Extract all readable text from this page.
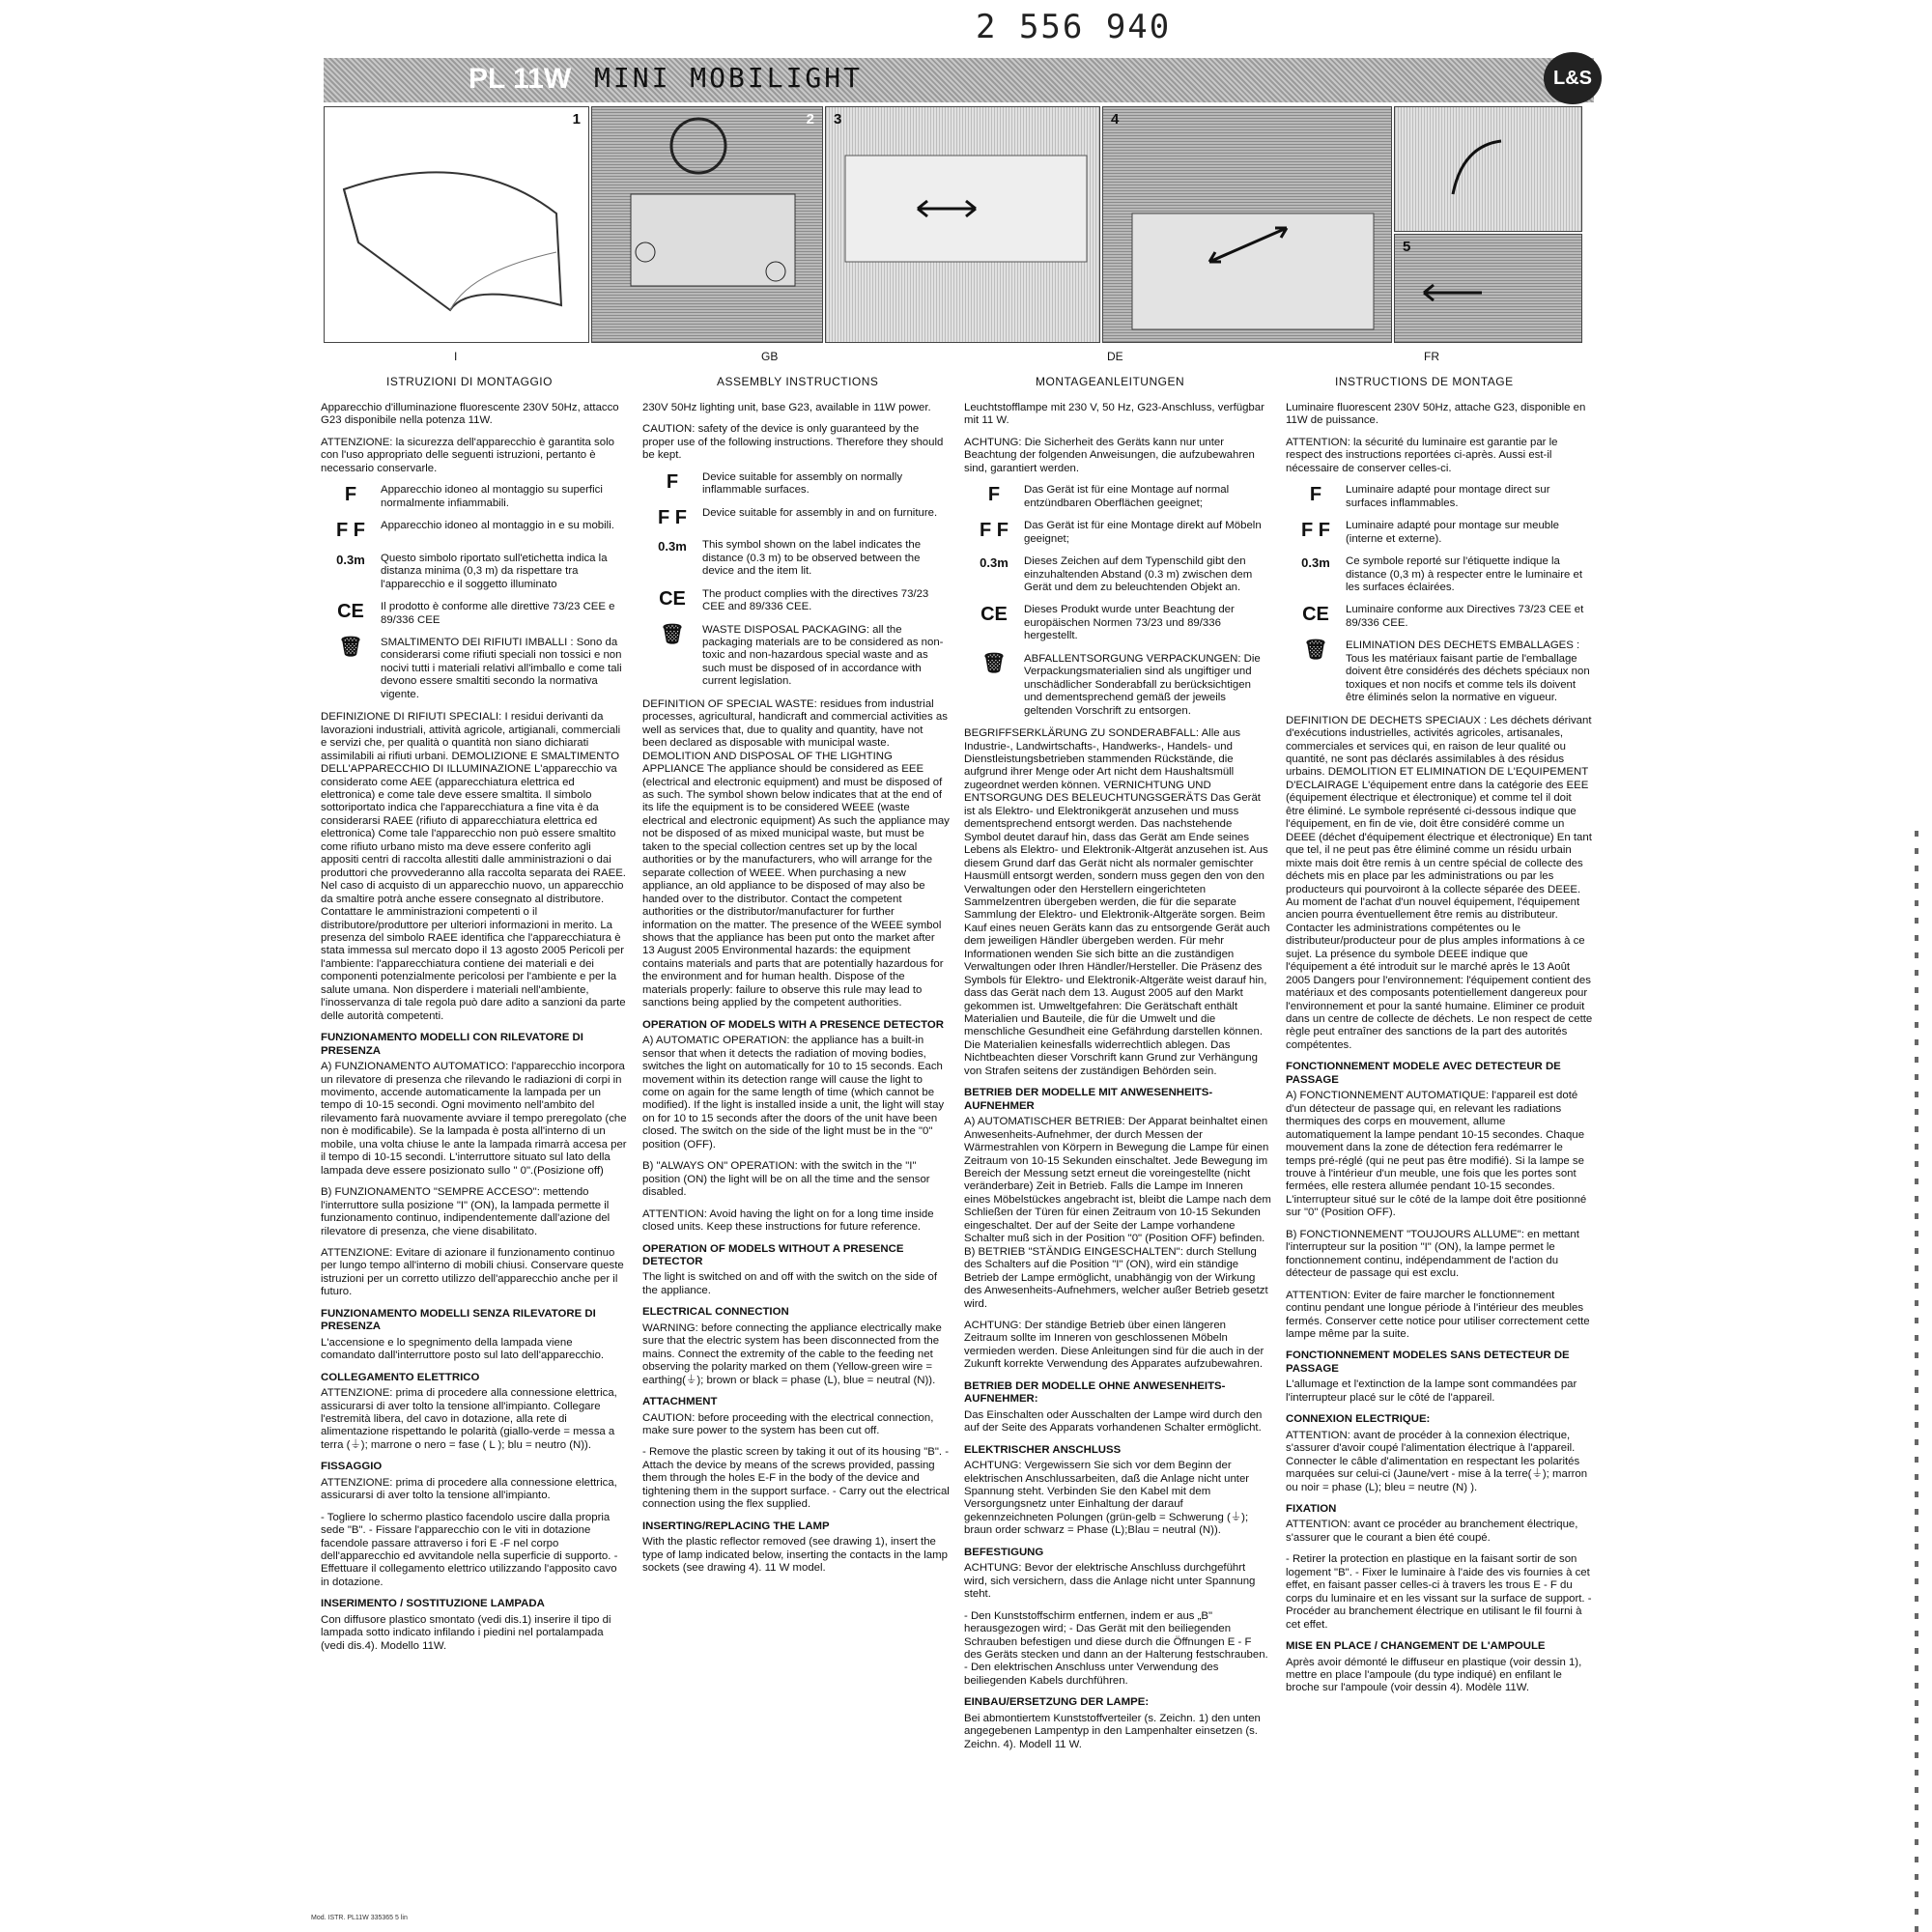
2 556 940
PL 11W MINI MOBILIGHT	L&S
1	2 3	4
5
I	GB	DE	FR
ISTRUZIONI DI MONTAGGIO	ASSEMBLY INSTRUCTIONS	MONTAGEANLEITUNGEN	INSTRUCTIONS DE MONTAGE

Apparecchio d'illuminazione fluorescente 230V 50Hz, attacco G23 disponibile nella potenza 11W.

ATTENZIONE: la sicurezza dell'apparecchio è garantita solo con l'uso appropriato delle seguenti istruzioni, pertanto è necessario conservarle.

F	Apparecchio idoneo al montaggio su superfici normalmente infiammabili.
F F	Apparecchio idoneo al montaggio in e su mobili.
0.3m	Questo simbolo riportato sull'etichetta indica la distanza minima (0,3 m) da rispettare tra l'apparecchio e il soggetto illuminato
CE	Il prodotto è conforme alle direttive 73/23 CEE e 89/336 CEE
🗑	SMALTIMENTO DEI RIFIUTI IMBALLI : Sono da considerarsi come rifiuti speciali non tossici e non nocivi tutti i materiali relativi all'imballo e come tali devono essere smaltiti secondo la normativa vigente.

DEFINIZIONE DI RIFIUTI SPECIALI: I residui derivanti da lavorazioni industriali, attività agricole, artigianali, commerciali e servizi che, per qualità o quantità non siano dichiarati assimilabili ai rifiuti urbani. DEMOLIZIONE E SMALTIMENTO DELL'APPARECCHIO DI ILLUMINAZIONE L'apparecchio va considerato come AEE (apparecchiatura elettrica ed elettronica) e come tale deve essere smaltita. Il simbolo sottoriportato indica che l'apparecchiatura a fine vita è da considerarsi RAEE (rifiuto di apparecchiatura elettrica ed elettronica) Come tale l'apparecchio non può essere smaltito come rifiuto urbano misto ma deve essere conferito agli appositi centri di raccolta allestiti dalle amministrazioni o dai produttori che provvederanno alla raccolta separata dei RAEE. Nel caso di acquisto di un apparecchio nuovo, un apparecchio da smaltire potrà anche essere consegnato al distributore. Contattare le amministrazioni competenti o il distributore/produttore per ulteriori informazioni in merito. La presenza del simbolo RAEE identifica che l'apparecchiatura è stata immessa sul mercato dopo il 13 agosto 2005 Pericoli per l'ambiente: l'apparecchiatura contiene dei materiali e dei componenti potenzialmente pericolosi per l'ambiente e per la salute umana. Non disperdere i materiali nell'ambiente, l'inosservanza di tale regola può dare adito a sanzioni da parte delle autorità competenti.

FUNZIONAMENTO MODELLI CON RILEVATORE DI PRESENZA

A) FUNZIONAMENTO AUTOMATICO: l'apparecchio incorpora un rilevatore di presenza che rilevando le radiazioni di corpi in movimento, accende automaticamente la lampada per un tempo di 10-15 secondi. Ogni movimento nell'ambito del rilevamento farà nuovamente avviare il tempo preregolato (che non è modificabile). Se la lampada è posta all'interno di un mobile, una volta chiuse le ante la lampada rimarrà accesa per il tempo di 10-15 secondi. L'interruttore situato sul lato della lampada deve essere posizionato sullo " 0".(Posizione off)

B) FUNZIONAMENTO "SEMPRE ACCESO": mettendo l'interruttore sulla posizione "I" (ON), la lampada permette il funzionamento continuo, indipendentemente dall'azione del rilevatore di presenza, che viene disabilitato.

ATTENZIONE: Evitare di azionare il funzionamento continuo per lungo tempo all'interno di mobili chiusi. Conservare queste istruzioni per un corretto utilizzo dell'apparecchio anche per il futuro.

FUNZIONAMENTO MODELLI SENZA RILEVATORE DI PRESENZA

L'accensione e lo spegnimento della lampada viene comandato dall'interruttore posto sul lato dell'apparecchio.

COLLEGAMENTO ELETTRICO

ATTENZIONE: prima di procedere alla connessione elettrica, assicurarsi di aver tolto la tensione all'impianto. Collegare l'estremità libera, del cavo in dotazione, alla rete di alimentazione rispettando le polarità (giallo-verde = messa a terra (⏚); marrone o nero = fase ( L ); blu = neutro (N)).

FISSAGGIO

ATTENZIONE: prima di procedere alla connessione elettrica, assicurarsi di aver tolto la tensione all'impianto.

- Togliere lo schermo plastico facendolo uscire dalla propria sede "B". - Fissare l'apparecchio con le viti in dotazione facendole passare attraverso i fori E -F nel corpo dell'apparecchio ed avvitandole nella superficie di supporto. - Effettuare il collegamento elettrico utilizzando l'apposito cavo in dotazione.

INSERIMENTO / SOSTITUZIONE LAMPADA

Con diffusore plastico smontato (vedi dis.1) inserire il tipo di lampada sotto indicato infilando i piedini nel portalampada (vedi dis.4). Modello 11W.

230V 50Hz lighting unit, base G23, available in 11W power.

CAUTION: safety of the device is only guaranteed by the proper use of the following instructions. Therefore they should be kept.

F	Device suitable for assembly on normally inflammable surfaces.
F F	Device suitable for assembly in and on furniture.
0.3m	This symbol shown on the label indicates the distance (0.3 m) to be observed between the device and the item lit.
CE	The product complies with the directives 73/23 CEE and 89/336 CEE.
🗑	WASTE DISPOSAL PACKAGING: all the packaging materials are to be considered as non-toxic and non-hazardous special waste and as such must be disposed of in accordance with current legislation.

DEFINITION OF SPECIAL WASTE: residues from industrial processes, agricultural, handicraft and commercial activities as well as services that, due to quality and quantity, have not been declared as disposable with municipal waste. DEMOLITION AND DISPOSAL OF THE LIGHTING APPLIANCE The appliance should be considered as EEE (electrical and electronic equipment) and must be disposed of as such. The symbol shown below indicates that at the end of its life the equipment is to be considered WEEE (waste electrical and electronic equipment) As such the appliance may not be disposed of as mixed municipal waste, but must be taken to the special collection centres set up by the local authorities or by the manufacturers, who will arrange for the separate collection of WEEE. When purchasing a new appliance, an old appliance to be disposed of may also be handed over to the distributor. Contact the competent authorities or the distributor/manufacturer for further information on the matter. The presence of the WEEE symbol shows that the appliance has been put onto the market after 13 August 2005 Environmental hazards: the equipment contains materials and parts that are potentially hazardous for the environment and for human health. Dispose of the materials properly: failure to observe this rule may lead to sanctions being applied by the competent authorities.

OPERATION OF MODELS WITH A PRESENCE DETECTOR

A) AUTOMATIC OPERATION: the appliance has a built-in sensor that when it detects the radiation of moving bodies, switches the light on automatically for 10 to 15 seconds. Each movement within its detection range will cause the light to come on again for the same length of time (which cannot be modified). If the light is installed inside a unit, the light will stay on for 10 to 15 seconds after the doors of the unit have been closed. The switch on the side of the light must be in the "0" position (OFF).

B) "ALWAYS ON" OPERATION: with the switch in the "I" position (ON) the light will be on all the time and the sensor disabled.

ATTENTION: Avoid having the light on for a long time inside closed units. Keep these instructions for future reference.

OPERATION OF MODELS WITHOUT A PRESENCE DETECTOR

The light is switched on and off with the switch on the side of the appliance.

ELECTRICAL CONNECTION

WARNING: before connecting the appliance electrically make sure that the electric system has been disconnected from the mains. Connect the extremity of the cable to the feeding net observing the polarity marked on them (Yellow-green wire = earthing(⏚); brown or black = phase (L), blue = neutral (N)).

ATTACHMENT

CAUTION: before proceeding with the electrical connection, make sure power to the system has been cut off.

- Remove the plastic screen by taking it out of its housing "B". - Attach the device by means of the screws provided, passing them through the holes E-F in the body of the device and tightening them in the support surface. - Carry out the electrical connection using the flex supplied.

INSERTING/REPLACING THE LAMP

With the plastic reflector removed (see drawing 1), insert the type of lamp indicated below, inserting the contacts in the lamp sockets (see drawing 4). 11 W model.

Leuchtstofflampe mit 230 V, 50 Hz, G23-Anschluss, verfügbar mit 11 W.

ACHTUNG: Die Sicherheit des Geräts kann nur unter Beachtung der folgenden Anweisungen, die aufzubewahren sind, garantiert werden.

F	Das Gerät ist für eine Montage auf normal entzündbaren Oberflächen geeignet;
F F	Das Gerät ist für eine Montage direkt auf Möbeln geeignet;
0.3m	Dieses Zeichen auf dem Typenschild gibt den einzuhaltenden Abstand (0.3 m) zwischen dem Gerät und dem zu beleuchtenden Objekt an.
CE	Dieses Produkt wurde unter Beachtung der europäischen Normen 73/23 und 89/336 hergestellt.
🗑	ABFALLENTSORGUNG VERPACKUNGEN: Die Verpackungsmaterialien sind als ungiftiger und unschädlicher Sonderabfall zu berücksichtigen und dementsprechend gemäß der jeweils geltenden Vorschrift zu entsorgen.

BEGRIFFSERKLÄRUNG ZU SONDERABFALL: Alle aus Industrie-, Landwirtschafts-, Handwerks-, Handels- und Dienstleistungsbetrieben stammenden Rückstände, die aufgrund ihrer Menge oder Art nicht dem Haushaltsmüll zugeordnet werden können. VERNICHTUNG UND ENTSORGUNG DES BELEUCHTUNGSGERÄTS Das Gerät ist als Elektro- und Elektronikgerät anzusehen und muss dementsprechend entsorgt werden. Das nachstehende Symbol deutet darauf hin, dass das Gerät am Ende seines Lebens als Elektro- und Elektronik-Altgerät anzusehen ist. Aus diesem Grund darf das Gerät nicht als normaler gemischter Hausmüll entsorgt werden, sondern muss gegen den von den Verwaltungen oder den Herstellern eingerichteten Sammelzentren übergeben werden, die für die separate Sammlung der Elektro- und Elektronik-Altgeräte sorgen. Beim Kauf eines neuen Geräts kann das zu entsorgende Gerät auch dem jeweiligen Händler übergeben werden. Für mehr Informationen wenden Sie sich bitte an die zuständigen Verwaltungen oder Ihren Händler/Hersteller. Die Präsenz des Symbols für Elektro- und Elektronik-Altgeräte weist darauf hin, dass das Gerät nach dem 13. August 2005 auf den Markt gekommen ist. Umweltgefahren: Die Gerätschaft enthält Materialien und Bauteile, die für die Umwelt und die menschliche Gesundheit eine Gefährdung darstellen können. Die Materialien keinesfalls widerrechtlich ablegen. Das Nichtbeachten dieser Vorschrift kann Grund zur Verhängung von Strafen seitens der zuständigen Behörden sein.

BETRIEB DER MODELLE MIT ANWESENHEITS-AUFNEHMER

A) AUTOMATISCHER BETRIEB: Der Apparat beinhaltet einen Anwesenheits-Aufnehmer, der durch Messen der Wärmestrahlen von Körpern in Bewegung die Lampe für einen Zeitraum von 10-15 Sekunden einschaltet. Jede Bewegung im Bereich der Messung setzt erneut die voreingestellte (nicht veränderbare) Zeit in Betrieb. Falls die Lampe im Inneren eines Möbelstückes angebracht ist, bleibt die Lampe nach dem Schließen der Türen für einen Zeitraum von 10-15 Sekunden eingeschaltet. Der auf der Seite der Lampe vorhandene Schalter muß sich in der Position "0" (Position OFF) befinden. B) BETRIEB "STÄNDIG EINGESCHALTEN": durch Stellung des Schalters auf die Position "I" (ON), wird ein ständige Betrieb der Lampe ermöglicht, unabhängig von der Wirkung des Anwesenheits-Aufnehmers, welcher außer Betrieb gesetzt wird.

ACHTUNG: Der ständige Betrieb über einen längeren Zeitraum sollte im Inneren von geschlossenen Möbeln vermieden werden. Diese Anleitungen sind für die auch in der Zukunft korrekte Verwendung des Apparates aufzubewahren.

BETRIEB DER MODELLE OHNE ANWESENHEITS-AUFNEHMER:

Das Einschalten oder Ausschalten der Lampe wird durch den auf der Seite des Apparats vorhandenen Schalter ermöglicht.

ELEKTRISCHER ANSCHLUSS

ACHTUNG: Vergewissern Sie sich vor dem Beginn der elektrischen Anschlussarbeiten, daß die Anlage nicht unter Spannung steht. Verbinden Sie den Kabel mit dem Versorgungsnetz unter Einhaltung der darauf gekennzeichneten Polungen (grün-gelb = Schwerung (⏚); braun order schwarz = Phase (L);Blau = neutral (N)).

BEFESTIGUNG

ACHTUNG: Bevor der elektrische Anschluss durchgeführt wird, sich versichern, dass die Anlage nicht unter Spannung steht.

- Den Kunststoffschirm entfernen, indem er aus „B" herausgezogen wird; - Das Gerät mit den beiliegenden Schrauben befestigen und diese durch die Öffnungen E - F des Geräts stecken und dann an der Halterung festschrauben. - Den elektrischen Anschluss unter Verwendung des beiliegenden Kabels durchführen.

EINBAU/ERSETZUNG DER LAMPE:

Bei abmontiertem Kunststoffverteiler (s. Zeichn. 1) den unten angegebenen Lampentyp in den Lampenhalter einsetzen (s. Zeichn. 4). Modell 11 W.

Luminaire fluorescent 230V 50Hz, attache G23, disponible en 11W de puissance.

ATTENTION: la sécurité du luminaire est garantie par le respect des instructions reportées ci-après. Aussi est-il nécessaire de conserver celles-ci.

F	Luminaire adapté pour montage direct sur surfaces inflammables.
F F	Luminaire adapté pour montage sur meuble (interne et externe).
0.3m	Ce symbole reporté sur l'étiquette indique la distance (0,3 m) à respecter entre le luminaire et les surfaces éclairées.
CE	Luminaire conforme aux Directives 73/23 CEE et 89/336 CEE.
🗑	ELIMINATION DES DECHETS EMBALLAGES : Tous les matériaux faisant partie de l'emballage doivent être considérés des déchets spéciaux non toxiques et non nocifs et comme tels ils doivent être éliminés selon la normative en vigueur.

DEFINITION DE DECHETS SPECIAUX : Les déchets dérivant d'exécutions industrielles, activités agricoles, artisanales, commerciales et services qui, en raison de leur qualité ou quantité, ne sont pas déclarés assimilables à des résidus urbains. DEMOLITION ET ELIMINATION DE L'EQUIPEMENT D'ECLAIRAGE L'équipement entre dans la catégorie des EEE (équipement électrique et électronique) et comme tel il doit être éliminé. Le symbole représenté ci-dessous indique que l'équipement, en fin de vie, doit être considéré comme un DEEE (déchet d'équipement électrique et électronique) En tant que tel, il ne peut pas être éliminé comme un résidu urbain mixte mais doit être remis à un centre spécial de collecte des déchets mis en place par les administrations ou par les producteurs qui pourvoiront à la collecte séparée des DEEE. Au moment de l'achat d'un nouvel équipement, l'équipement ancien pourra éventuellement être remis au distributeur. Contacter les administrations compétentes ou le distributeur/producteur pour de plus amples informations à ce sujet. La présence du symbole DEEE indique que l'équipement a été introduit sur le marché après le 13 Août 2005 Dangers pour l'environnement: l'équipement contient des matériaux et des composants potentiellement dangereux pour l'environnement et pour la santé humaine. Eliminer ce produit dans un centre de collecte de déchets. Le non respect de cette règle peut entraîner des sanctions de la part des autorités compétentes.

FONCTIONNEMENT MODELE AVEC DETECTEUR DE PASSAGE

A) FONCTIONNEMENT AUTOMATIQUE: l'appareil est doté d'un détecteur de passage qui, en relevant les radiations thermiques des corps en mouvement, allume automatiquement la lampe pendant 10-15 secondes. Chaque mouvement dans la zone de détection fera redémarrer le temps pré-réglé (qui ne peut pas être modifié). Si la lampe se trouve à l'intérieur d'un meuble, une fois que les portes sont fermées, elle restera allumée pendant 10-15 secondes. L'interrupteur situé sur le côté de la lampe doit être positionné sur "0" (Position OFF).

B) FONCTIONNEMENT "TOUJOURS ALLUME": en mettant l'interrupteur sur la position "I" (ON), la lampe permet le fonctionnement continu, indépendamment de l'action du détecteur de passage qui est exclu.

ATTENTION: Eviter de faire marcher le fonctionnement continu pendant une longue période à l'intérieur des meubles fermés. Conserver cette notice pour utiliser correctement cette lampe même par la suite.

FONCTIONNEMENT MODELES SANS DETECTEUR DE PASSAGE

L'allumage et l'extinction de la lampe sont commandées par l'interrupteur placé sur le côté de l'appareil.

CONNEXION ELECTRIQUE:

ATTENTION: avant de procéder à la connexion électrique, s'assurer d'avoir coupé l'alimentation électrique à l'appareil. Connecter le câble d'alimentation en respectant les polarités marquées sur celui-ci (Jaune/vert - mise à la terre(⏚); marron ou noir = phase (L); bleu = neutre (N) ).

FIXATION

ATTENTION: avant ce procéder au branchement électrique, s'assurer que le courant a bien été coupé.

- Retirer la protection en plastique en la faisant sortir de son logement "B". - Fixer le luminaire à l'aide des vis fournies à cet effet, en faisant passer celles-ci à travers les trous E - F du corps du luminaire et en les vissant sur la surface de support. - Procéder au branchement électrique en utilisant le fil fourni à cet effet.

MISE EN PLACE / CHANGEMENT DE L'AMPOULE

Après avoir démonté le diffuseur en plastique (voir dessin 1), mettre en place l'ampoule (du type indiqué) en enfilant le broche sur l'ampoule (voir dessin 4). Modèle 11W.

Mod. ISTR. PL11W 335365 5 lin
